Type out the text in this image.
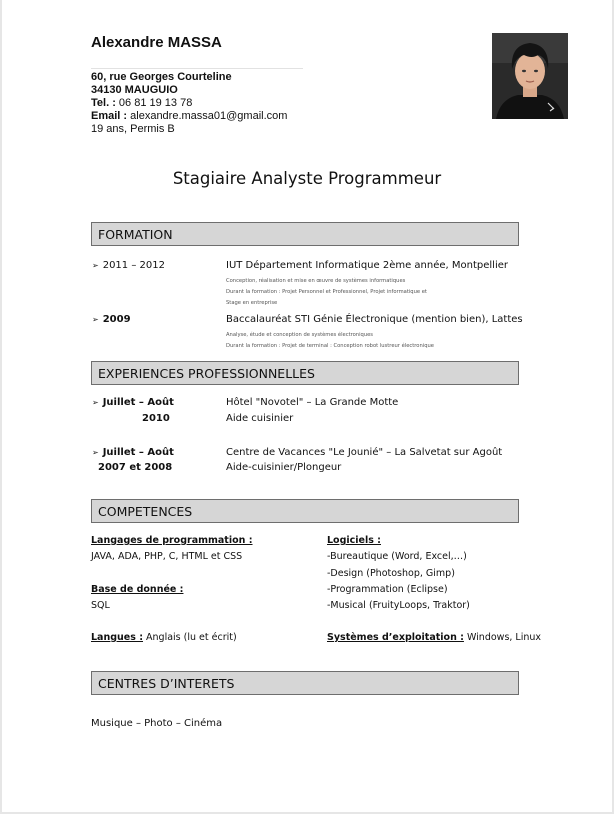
Alexandre MASSA
60, rue Georges Courteline
34130 MAUGUIO
Tel. : 06 81 19 13 78
Email : alexandre.massa01@gmail.com
19 ans, Permis B
Stagiaire Analyste Programmeur
FORMATION
➢ 2011 – 2012	IUT Département Informatique 2ème année, Montpellier
Conception, réalisation et mise en œuvre de systèmes informatiques
Durant la formation : Projet Personnel et Professionnel, Projet informatique et
Stage en entreprise
➢ 2009	Baccalauréat STI Génie Électronique (mention bien), Lattes
Analyse, étude et conception de systèmes électroniques
Durant la formation : Projet de terminal : Conception robot lustreur électronique
EXPERIENCES PROFESSIONNELLES
➢ Juillet – Août
2010
Hôtel "Novotel" – La Grande Motte
Aide cuisinier
➢ Juillet – Août
2007 et 2008
Centre de Vacances "Le Jounié" – La Salvetat sur Agoût
Aide-cuisinier/Plongeur
COMPETENCES
Langages de programmation :
JAVA, ADA, PHP, C, HTML et CSS
Base de donnée :
SQL
Langues : Anglais (lu et écrit)
Logiciels :
-Bureautique (Word, Excel,…)
-Design (Photoshop, Gimp)
-Programmation (Eclipse)
-Musical (FruityLoops, Traktor)
Systèmes d’exploitation : Windows, Linux
CENTRES D’INTERETS
Musique – Photo – Cinéma
